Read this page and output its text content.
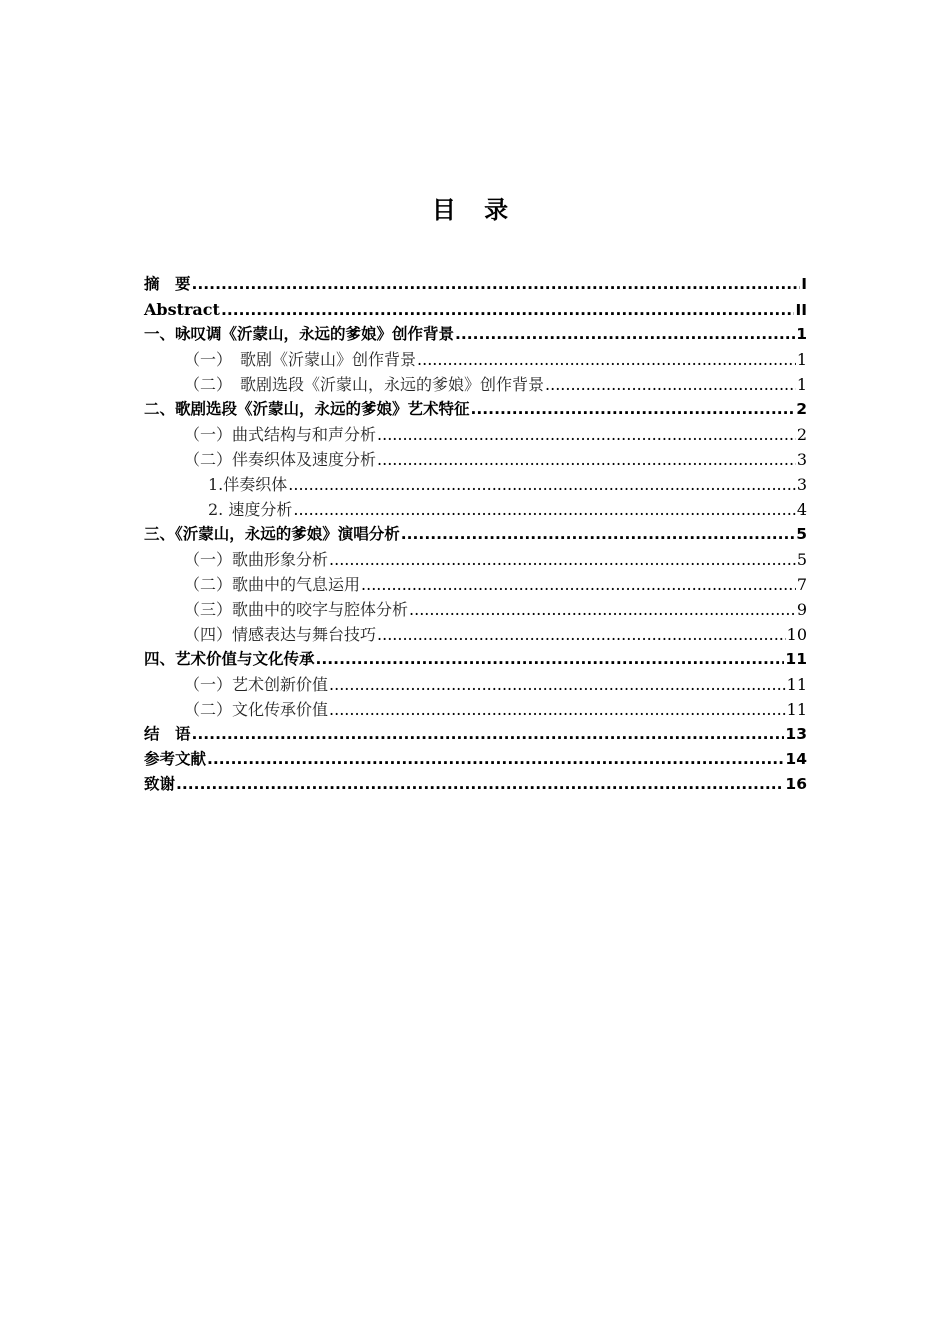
目 录
摘　要 .....	I
Abstract .....	II
一、咏叹调《沂蒙山，永远的爹娘》创作背景 .....	1
（一）　歌剧《沂蒙山》创作背景 .....	1
（二）　歌剧选段《沂蒙山，永远的爹娘》创作背景 .....	1
二、歌剧选段《沂蒙山，永远的爹娘》艺术特征 .....	2
（一）曲式结构与和声分析 .....	2
（二）伴奏织体及速度分析 .....	3
1.伴奏织体 .....	3
2. 速度分析 .....	4
三、《沂蒙山，永远的爹娘》演唱分析 .....	5
（一）歌曲形象分析 .....	5
（二）歌曲中的气息运用 .....	7
（三）歌曲中的咬字与腔体分析 .....	9
（四）情感表达与舞台技巧 .....	10
四、艺术价值与文化传承 .....	11
（一）艺术创新价值 .....	11
（二）文化传承价值 .....	11
结　语 .....	13
参考文献 .....	14
致谢 .....	16
